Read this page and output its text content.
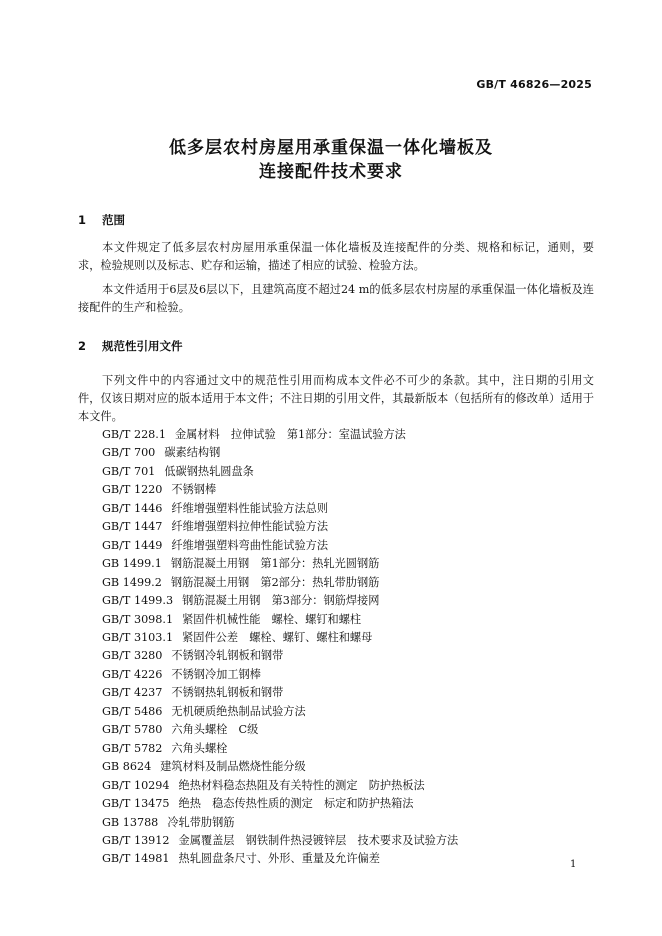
GB/T 46826—2025
低多层农村房屋用承重保温一体化墙板及
连接配件技术要求
1 范围
本文件规定了低多层农村房屋用承重保温一体化墙板及连接配件的分类、规格和标记，通则，要求，检验规则以及标志、贮存和运输，描述了相应的试验、检验方法。
本文件适用于6层及6层以下，且建筑高度不超过24 m的低多层农村房屋的承重保温一体化墙板及连接配件的生产和检验。
2 规范性引用文件
下列文件中的内容通过文中的规范性引用而构成本文件必不可少的条款。其中，注日期的引用文件，仅该日期对应的版本适用于本文件；不注日期的引用文件，其最新版本（包括所有的修改单）适用于本文件。
GB/T 228.1 金属材料　拉伸试验　第1部分：室温试验方法
GB/T 700 碳素结构钢
GB/T 701 低碳钢热轧圆盘条
GB/T 1220 不锈钢棒
GB/T 1446 纤维增强塑料性能试验方法总则
GB/T 1447 纤维增强塑料拉伸性能试验方法
GB/T 1449 纤维增强塑料弯曲性能试验方法
GB 1499.1 钢筋混凝土用钢　第1部分：热轧光圆钢筋
GB 1499.2 钢筋混凝土用钢　第2部分：热轧带肋钢筋
GB/T 1499.3 钢筋混凝土用钢　第3部分：钢筋焊接网
GB/T 3098.1 紧固件机械性能　螺栓、螺钉和螺柱
GB/T 3103.1 紧固件公差　螺栓、螺钉、螺柱和螺母
GB/T 3280 不锈钢冷轧钢板和钢带
GB/T 4226 不锈钢冷加工钢棒
GB/T 4237 不锈钢热轧钢板和钢带
GB/T 5486 无机硬质绝热制品试验方法
GB/T 5780 六角头螺栓　C级
GB/T 5782 六角头螺栓
GB 8624 建筑材料及制品燃烧性能分级
GB/T 10294 绝热材料稳态热阻及有关特性的测定　防护热板法
GB/T 13475 绝热　稳态传热性质的测定　标定和防护热箱法
GB 13788 冷轧带肋钢筋
GB/T 13912 金属覆盖层　钢铁制件热浸镀锌层　技术要求及试验方法
GB/T 14981 热轧圆盘条尺寸、外形、重量及允许偏差	1
